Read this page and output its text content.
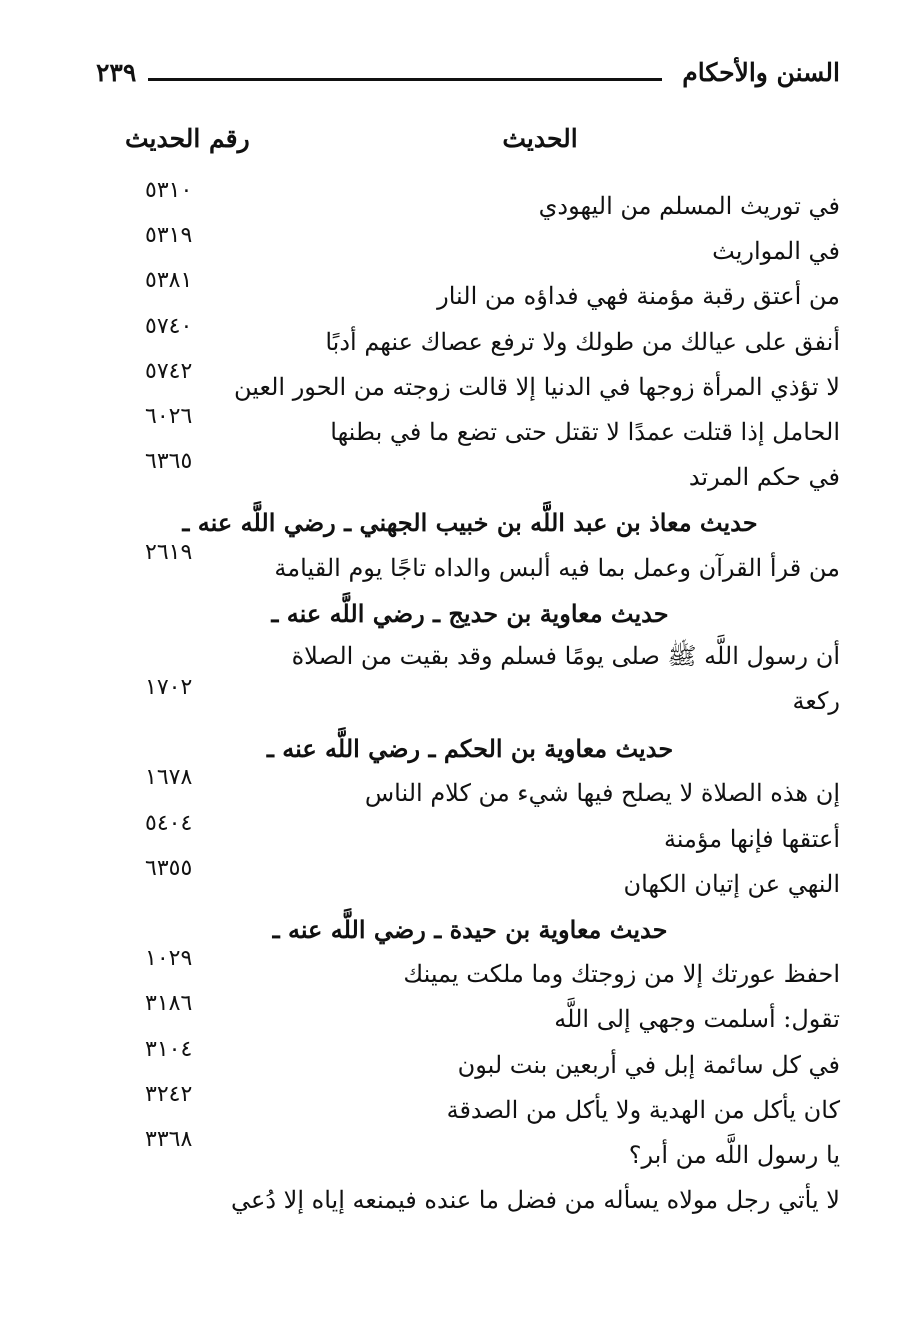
السنن والأحكام
٢٣٩
الحديث
رقم الحديث
في توريث المسلم من اليهودي
٥٣١٠
في المواريث
٥٣١٩
من أعتق رقبة مؤمنة فهي فداؤه من النار
٥٣٨١
أنفق على عيالك من طولك ولا ترفع عصاك عنهم أدبًا
٥٧٤٠
لا تؤذي المرأة زوجها في الدنيا إلا قالت زوجته من الحور العين
٥٧٤٢
الحامل إذا قتلت عمدًا لا تقتل حتى تضع ما في بطنها
٦٠٢٦
في حكم المرتد
٦٣٦٥
حديث معاذ بن عبد اللَّه بن خبيب الجهني ـ رضي اللَّه عنه ـ
من قرأ القرآن وعمل بما فيه ألبس والداه تاجًا يوم القيامة
٢٦١٩
حديث معاوية بن حديج ـ رضي اللَّه عنه ـ
أن رسول اللَّه ﷺ صلى يومًا فسلم وقد بقيت من الصلاة ركعة
١٧٠٢
حديث معاوية بن الحكم ـ رضي اللَّه عنه ـ
إن هذه الصلاة لا يصلح فيها شيء من كلام الناس
١٦٧٨
أعتقها فإنها مؤمنة
٥٤٠٤
النهي عن إتيان الكهان
٦٣٥٥
حديث معاوية بن حيدة ـ رضي اللَّه عنه ـ
احفظ عورتك إلا من زوجتك وما ملكت يمينك
١٠٢٩
تقول: أسلمت وجهي إلى اللَّه
٣١٨٦
في كل سائمة إبل في أربعين بنت لبون
٣١٠٤
كان يأكل من الهدية ولا يأكل من الصدقة
٣٢٤٢
يا رسول اللَّه من أبر؟
٣٣٦٨
لا يأتي رجل مولاه يسأله من فضل ما عنده فيمنعه إياه إلا دُعي
